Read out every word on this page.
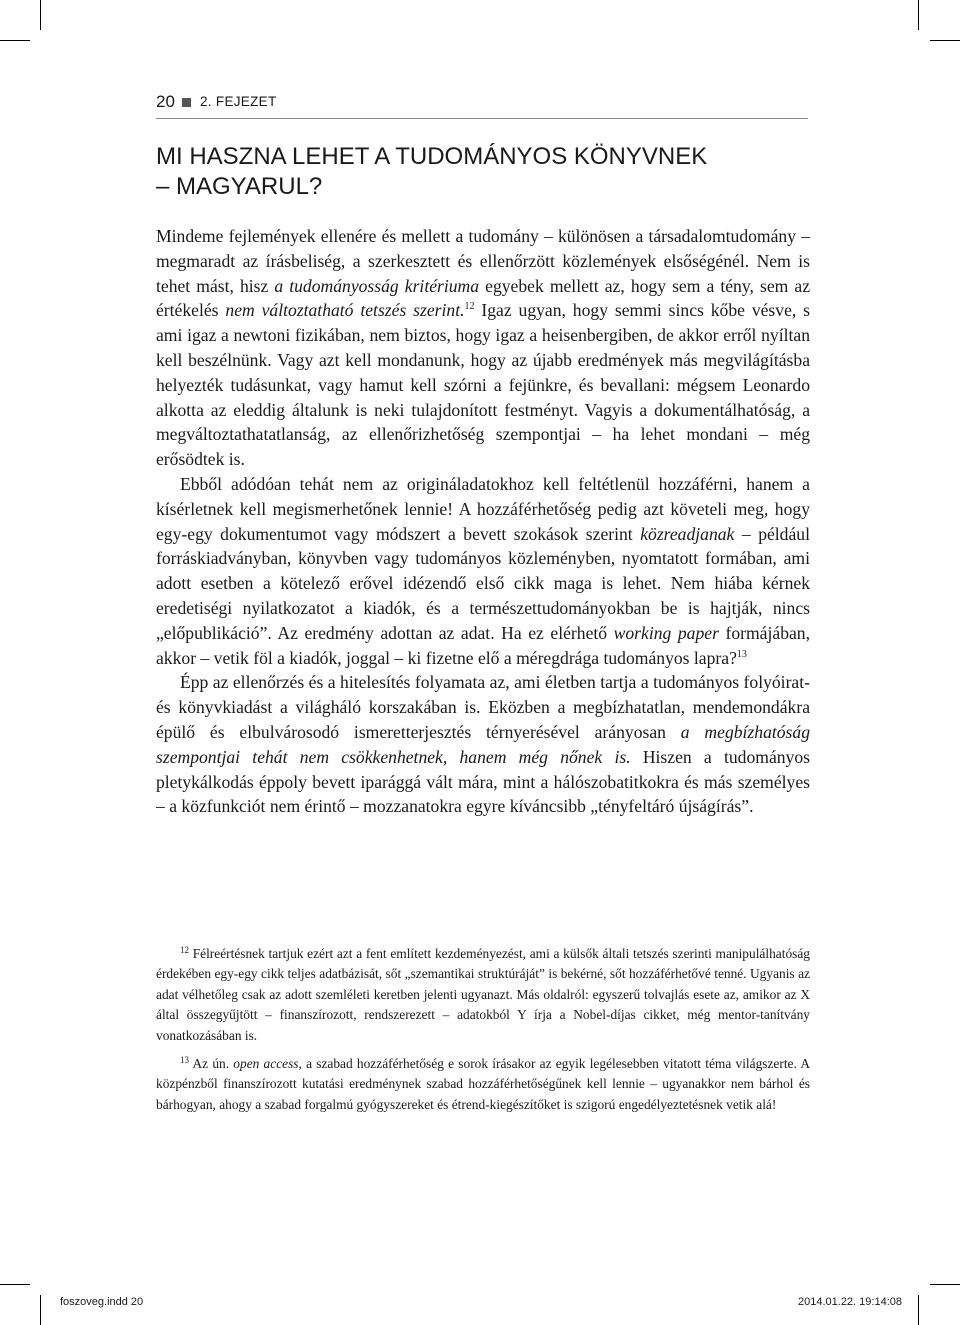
20 2. FEJEZET
MI HASZNA LEHET A TUDOMÁNYOS KÖNYVNEK
– MAGYARUL?

Mindeme fejlemények ellenére és mellett a tudomány – különösen a társadalomtudomány – megmaradt az írásbeliség, a szerkesztett és ellenőrzött közlemények elsőségénél. Nem is tehet mást, hisz a tudományosság kritériuma egyebek mellett az, hogy sem a tény, sem az értékelés nem változtatható tetszés szerint.$^{12}$ Igaz ugyan, hogy semmi sincs kőbe vésve, s ami igaz a newtoni fizikában, nem biztos, hogy igaz a heisenbergiben, de akkor erről nyíltan kell beszélnünk. Vagy azt kell mondanunk, hogy az újabb eredmények más megvilágításba helyezték tudásunkat, vagy hamut kell szórni a fejünkre, és bevallani: mégsem Leonardo alkotta az eleddig általunk is neki tulajdonított festményt. Vagyis a dokumentálhatóság, a megváltoztathatatlanság, az ellenőrizhetőség szempontjai – ha lehet mondani – még erősödtek is.

Ebből adódóan tehát nem az origináladatokhoz kell feltétlenül hozzáférni, hanem a kísérletnek kell megismerhetőnek lennie! A hozzáférhetőség pedig azt követeli meg, hogy egy-egy dokumentumot vagy módszert a bevett szokások szerint közreadjanak – például forráskiadványban, könyvben vagy tudományos közleményben, nyomtatott formában, ami adott esetben a kötelező erővel idézendő első cikk maga is lehet. Nem hiába kérnek eredetiségi nyilatkozatot a kiadók, és a természettudományokban be is hajtják, nincs „előpublikáció”. Az eredmény adottan az adat. Ha ez elérhető working paper formájában, akkor – vetik föl a kiadók, joggal – ki fizetne elő a méregdrága tudományos lapra?$^{13}$

Épp az ellenőrzés és a hitelesítés folyamata az, ami életben tartja a tudományos folyóirat- és könyvkiadást a világháló korszakában is. Eközben a megbízhatatlan, mendemondákra épülő és elbulvárosodó ismeretterjesztés térnyerésével arányosan a megbízhatóság szempontjai tehát nem csökkenhetnek, hanem még nőnek is. Hiszen a tudományos pletykálkodás éppoly bevett iparággá vált mára, mint a hálószobatitkokra és más személyes – a közfunkciót nem érintő – mozzanatokra egyre kíváncsibb „tényfeltáró újságírás”.

$^{12}$ Félreértésnek tartjuk ezért azt a fent említett kezdeményezést, ami a külsők általi tetszés szerinti manipulálhatóság érdekében egy-egy cikk teljes adatbázisát, sőt „szemantikai struktúráját” is bekérné, sőt hozzáférhetővé tenné. Ugyanis az adat vélhetőleg csak az adott szemléleti keretben jelenti ugyanazt. Más oldalról: egyszerű tolvajlás esete az, amikor az X által összegyűjtött – finanszírozott, rendszerezett – adatokból Y írja a Nobel-díjas cikket, még mentor-tanítvány vonatkozásában is.

$^{13}$ Az ún. open access, a szabad hozzáférhetőség e sorok írásakor az egyik legélesebben vitatott téma világszerte. A közpénzből finanszírozott kutatási eredménynek szabad hozzáférhetőségűnek kell lennie – ugyanakkor nem bárhol és bárhogyan, ahogy a szabad forgalmú gyógyszereket és étrend-kiegészítőket is szigorú engedélyeztetésnek vetik alá!

foszoveg.indd 20	2014.01.22. 19:14:08
